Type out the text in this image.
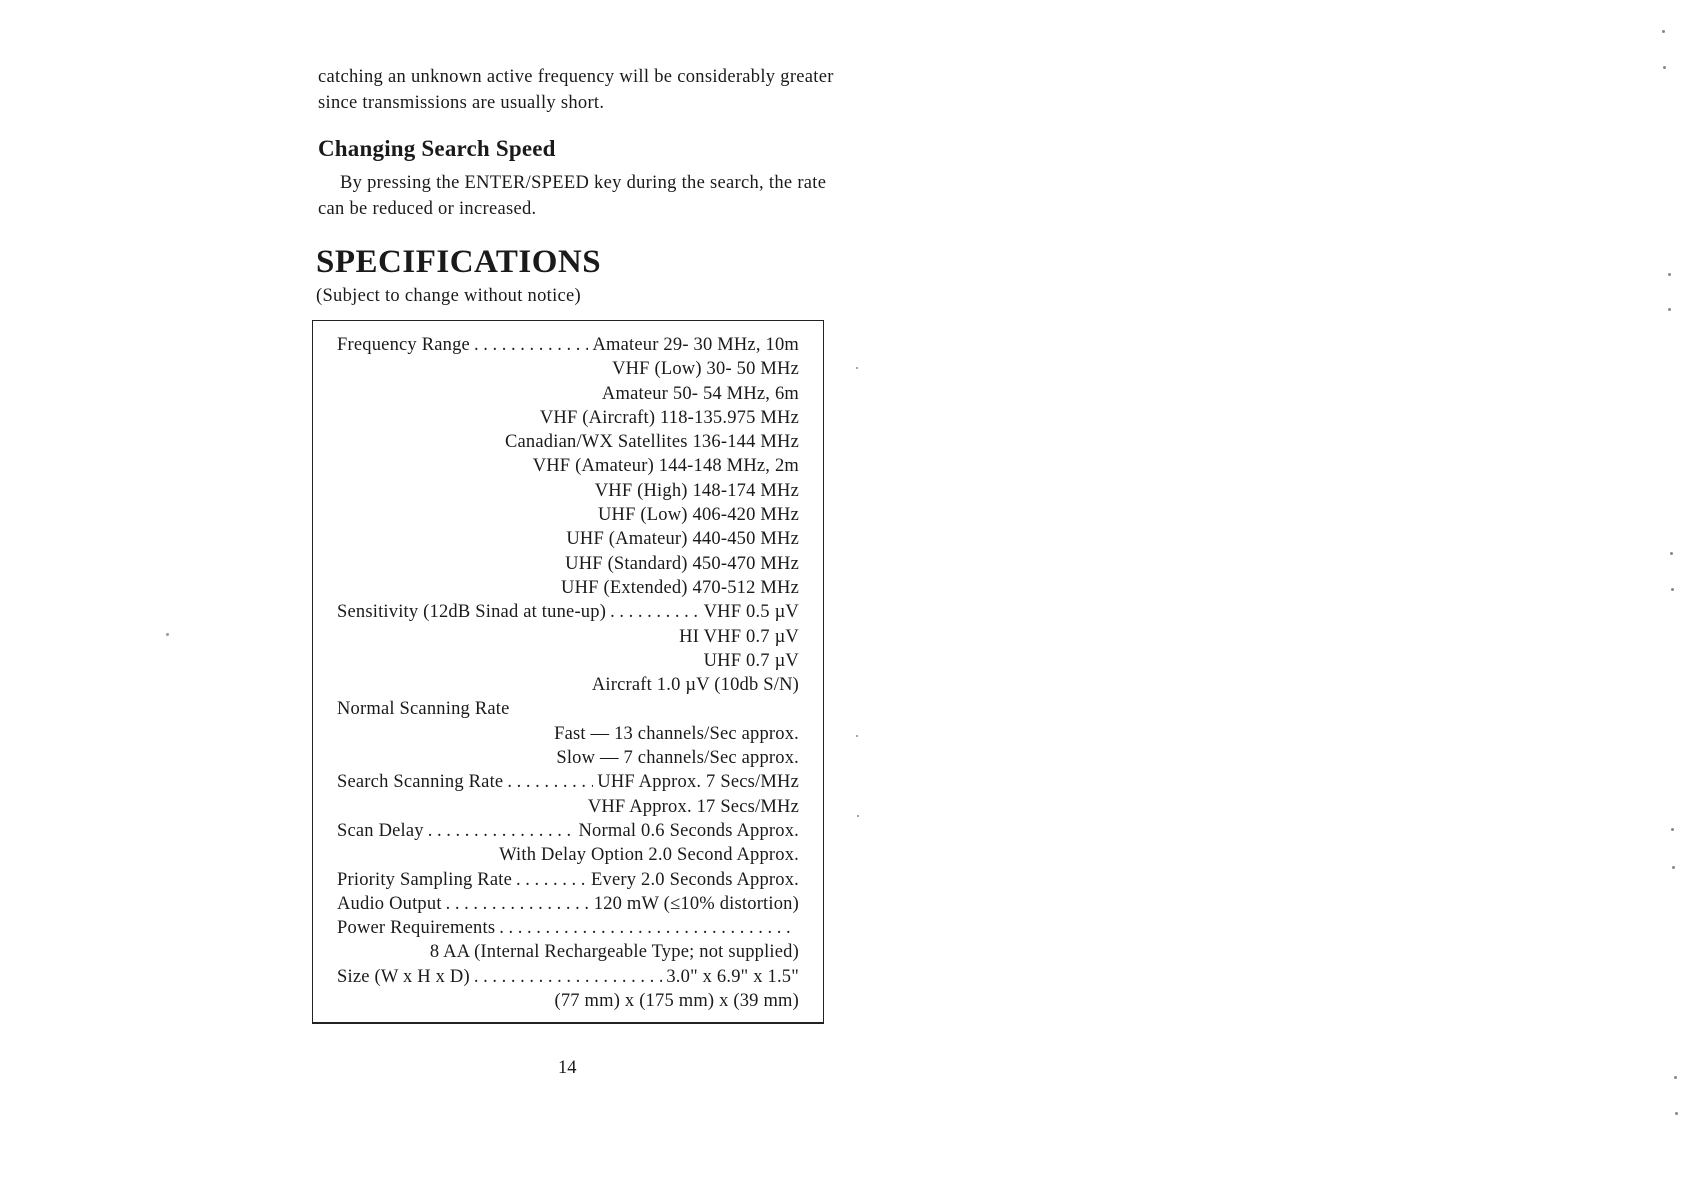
catching an unknown active frequency will be considerably greater since transmissions are usually short.

Changing Search Speed
By pressing the ENTER/SPEED key during the search, the rate can be reduced or increased.
SPECIFICATIONS
(Subject to change without notice)
Frequency Range . . .	Amateur 29- 30 MHz, 10m
VHF (Low) 30- 50 MHz
Amateur 50- 54 MHz, 6m
VHF (Aircraft) 118-135.975 MHz
Canadian/WX Satellites 136-144 MHz
VHF (Amateur) 144-148 MHz, 2m
VHF (High) 148-174 MHz
UHF (Low) 406-420 MHz
UHF (Amateur) 440-450 MHz
UHF (Standard) 450-470 MHz
UHF (Extended) 470-512 MHz
Sensitivity (12dB Sinad at tune-up) . . .	VHF 0.5 µV
HI VHF 0.7 µV
UHF 0.7 µV
Aircraft 1.0 µV (10db S/N)
Normal Scanning Rate
Fast — 13 channels/Sec approx.
Slow — 7 channels/Sec approx.
Search Scanning Rate . . .	UHF Approx. 7 Secs/MHz
VHF Approx. 17 Secs/MHz
Scan Delay . . .	Normal 0.6 Seconds Approx.
With Delay Option 2.0 Second Approx.
Priority Sampling Rate . . .	Every 2.0 Seconds Approx.
Audio Output . . .	120 mW (≤10% distortion)
Power Requirements
. . .
8 AA (Internal Rechargeable Type; not supplied)
Size (W x H x D) . . .	3.0" x 6.9" x 1.5"
(77 mm) x (175 mm) x (39 mm)
14
